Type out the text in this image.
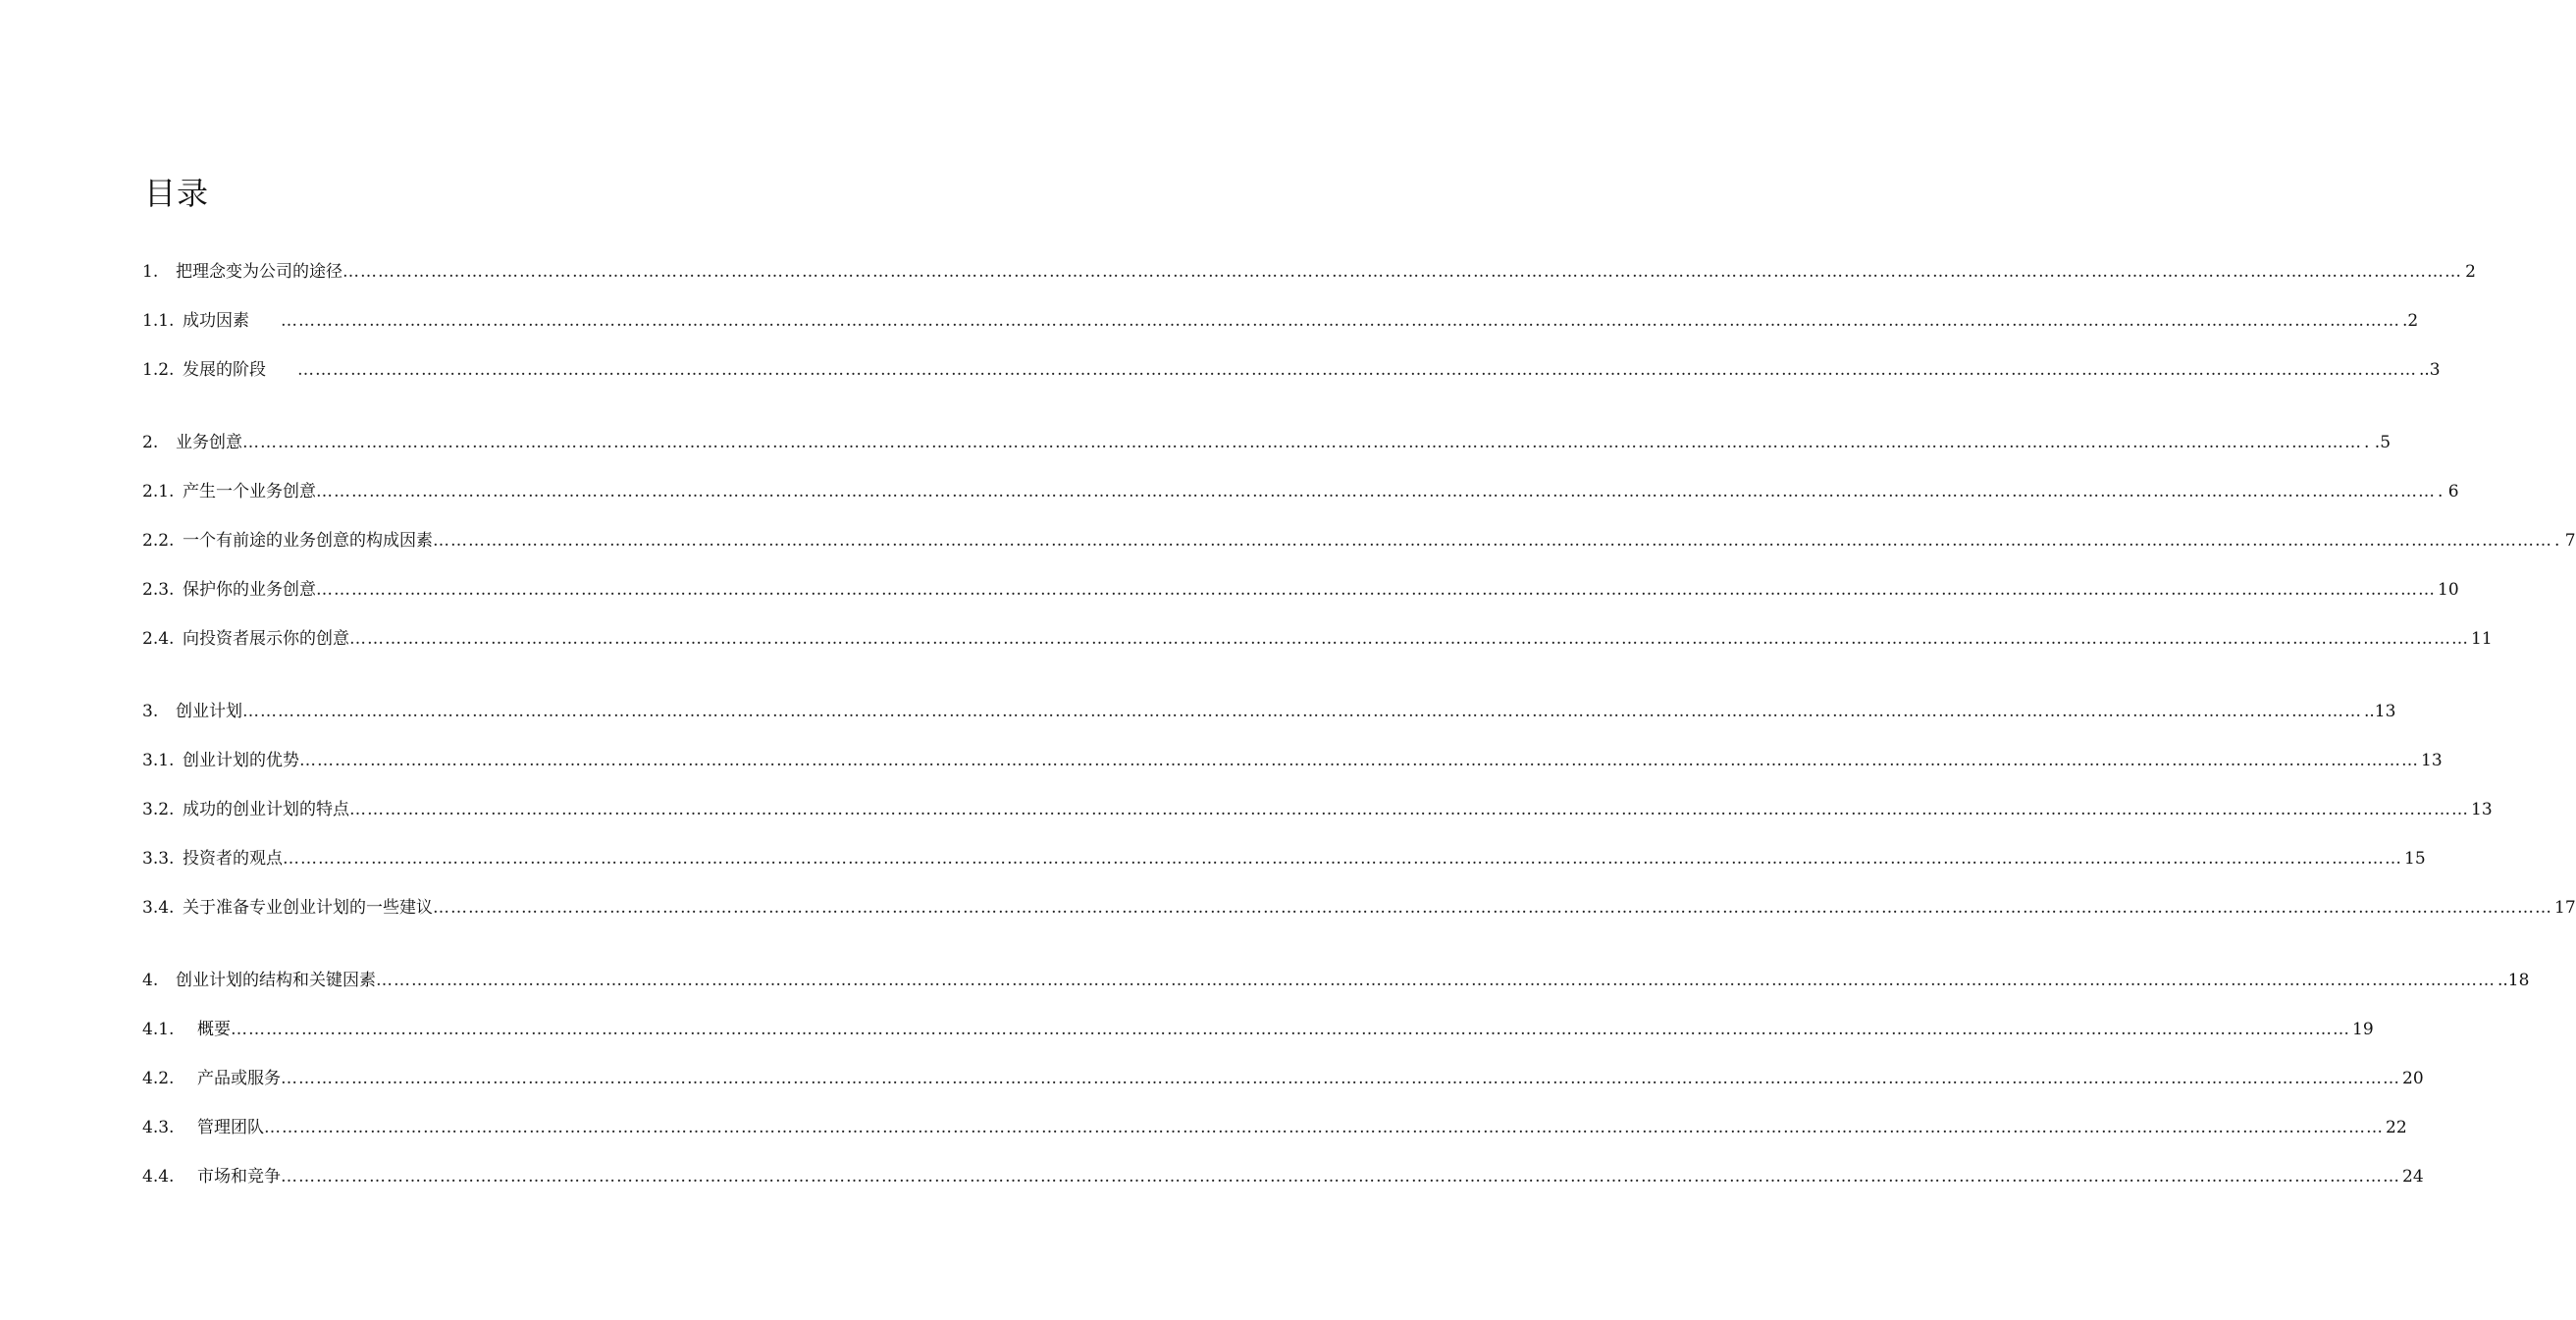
目录
1.	把理念变为公司的途径 ……………………………………………………………………………………………………………………………………………………………………………………………………………………………………………………………………………………………………………………………… 2
1.1. 成功因素 ……………………………………………………………………………………………………………………………………………………………………………………………………………………………………………………………………………………………………………………………… .2
1.2. 发展的阶段 ……………………………………………………………………………………………………………………………………………………………………………………………………………………………………………………………………………………………………………………………… ..3
2.	业务创意 ……………………………………………………………………………………………………………………………………………………………………………………………………………………………………………………………………………………………………………………………… . .5
2.1. 产生一个业务创意 ……………………………………………………………………………………………………………………………………………………………………………………………………………………………………………………………………………………………………………………………… . 6
2.2. 一个有前途的业务创意的构成因素 ……………………………………………………………………………………………………………………………………………………………………………………………………………………………………………………………………………………………………………………………… . 7
2.3. 保护你的业务创意 ……………………………………………………………………………………………………………………………………………………………………………………………………………………………………………………………………………………………………………………………… 10
2.4. 向投资者展示你的创意 ……………………………………………………………………………………………………………………………………………………………………………………………………………………………………………………………………………………………………………………………… 11
3.	创业计划 ……………………………………………………………………………………………………………………………………………………………………………………………………………………………………………………………………………………………………………………………… ..13
3.1. 创业计划的优势 ……………………………………………………………………………………………………………………………………………………………………………………………………………………………………………………………………………………………………………………………… 13
3.2. 成功的创业计划的特点 ……………………………………………………………………………………………………………………………………………………………………………………………………………………………………………………………………………………………………………………………… 13
3.3. 投资者的观点 ……………………………………………………………………………………………………………………………………………………………………………………………………………………………………………………………………………………………………………………………… 15
3.4. 关于准备专业创业计划的一些建议 ……………………………………………………………………………………………………………………………………………………………………………………………………………………………………………………………………………………………………………………………… 17
4.	创业计划的结构和关键因素 ……………………………………………………………………………………………………………………………………………………………………………………………………………………………………………………………………………………………………………………………… ..18
4.1.	概要 ……………………………………………………………………………………………………………………………………………………………………………………………………………………………………………………………………………………………………………………………… 19
4.2.	产品或服务 ……………………………………………………………………………………………………………………………………………………………………………………………………………………………………………………………………………………………………………………………… 20
4.3.	管理团队 ……………………………………………………………………………………………………………………………………………………………………………………………………………………………………………………………………………………………………………………………… 22
4.4.	市场和竞争 ……………………………………………………………………………………………………………………………………………………………………………………………………………………………………………………………………………………………………………………………… 24
